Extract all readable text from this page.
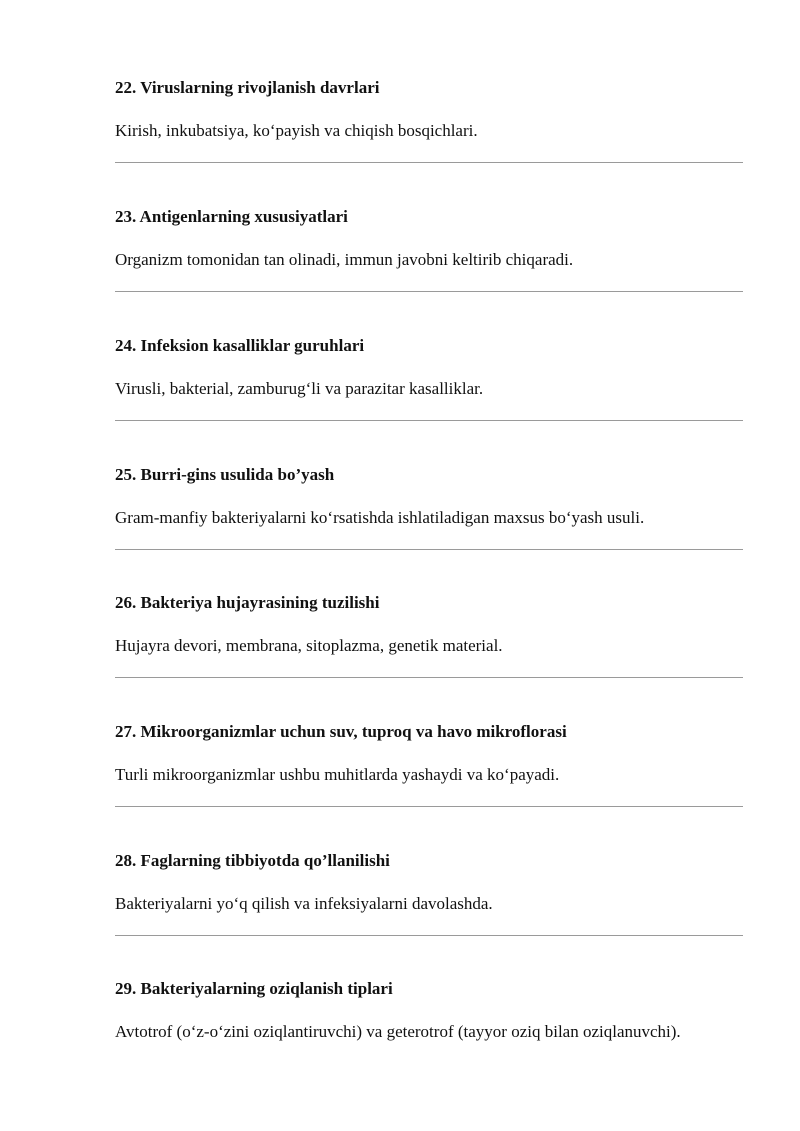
22. Viruslarning rivojlanish davrlari
Kirish, inkubatsiya, ko‘payish va chiqish bosqichlari.
23. Antigenlarning xususiyatlari
Organizm tomonidan tan olinadi, immun javobni keltirib chiqaradi.
24. Infeksion kasalliklar guruhlari
Virusli, bakterial, zamburug‘li va parazitar kasalliklar.
25. Burri-gins usulida bo’yash
Gram-manfiy bakteriyalarni ko‘rsatishda ishlatiladigan maxsus bo‘yash usuli.
26. Bakteriya hujayrasining tuzilishi
Hujayra devori, membrana, sitoplazma, genetik material.
27. Mikroorganizmlar uchun suv, tuproq va havo mikroflorasi
Turli mikroorganizmlar ushbu muhitlarda yashaydi va ko‘payadi.
28. Faglarning tibbiyotda qo’llanilishi
Bakteriyalarni yo‘q qilish va infeksiyalarni davolashda.
29. Bakteriyalarning oziqlanish tiplari
Avtotrof (o‘z-o‘zini oziqlantiruvchi) va geterotrof (tayyor oziq bilan oziqlanuvchi).
